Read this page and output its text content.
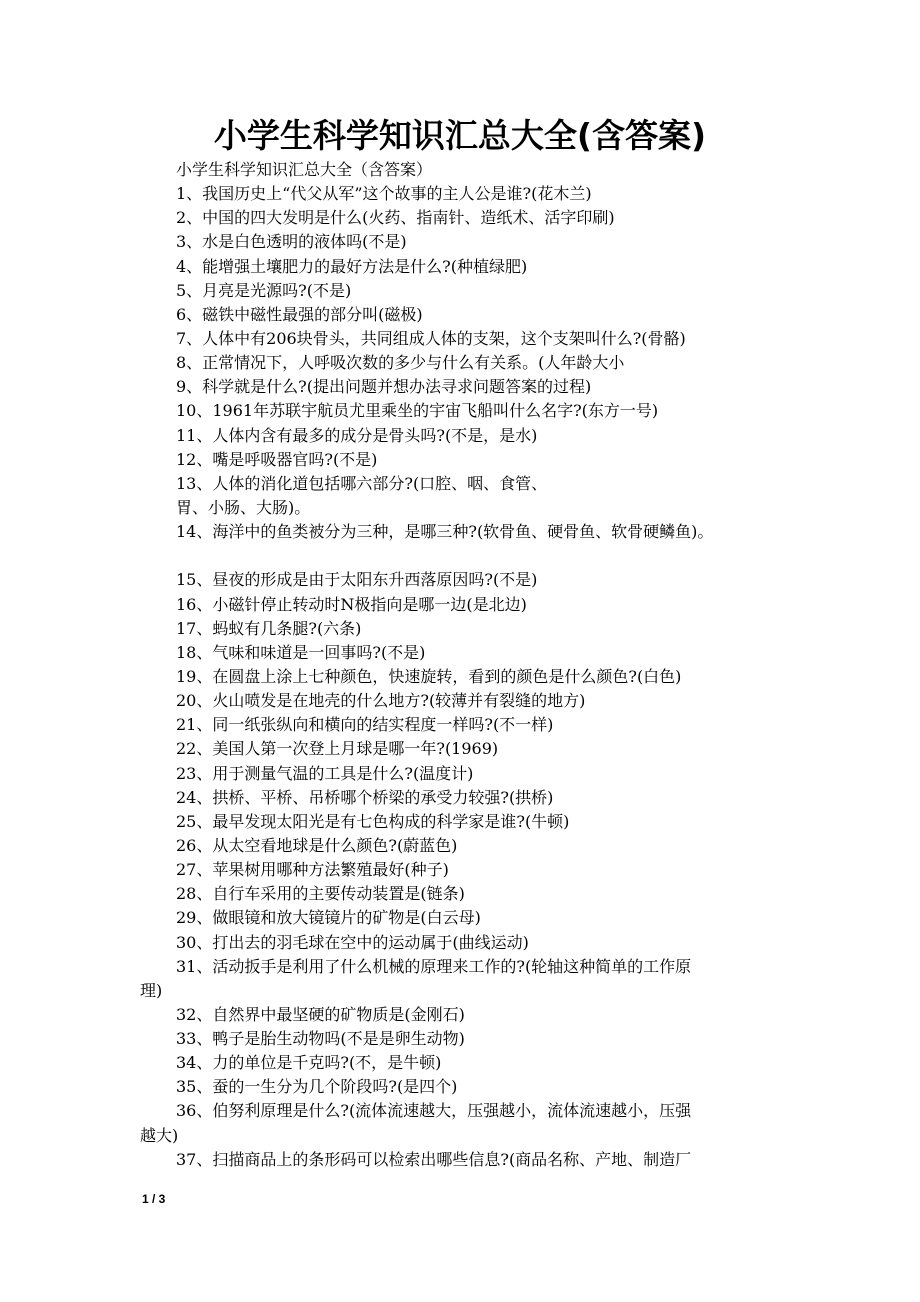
小学生科学知识汇总大全(含答案)
小学生科学知识汇总大全（含答案）
1、我国历史上“代父从军”这个故事的主人公是谁?(花木兰)
2、中国的四大发明是什么(火药、指南针、造纸术、活字印刷)
3、水是白色透明的液体吗(不是)
4、能增强土壤肥力的最好方法是什么?(种植绿肥)
5、月亮是光源吗?(不是)
6、磁铁中磁性最强的部分叫(磁极)
7、人体中有206块骨头，共同组成人体的支架，这个支架叫什么?(骨骼)
8、正常情况下，人呼吸次数的多少与什么有关系。(人年龄大小
9、科学就是什么?(提出问题并想办法寻求问题答案的过程)
10、1961年苏联宇航员尤里乘坐的宇宙飞船叫什么名字?(东方一号)
11、人体内含有最多的成分是骨头吗?(不是，是水)
12、嘴是呼吸器官吗?(不是)
13、人体的消化道包括哪六部分?(口腔、咽、食管、
胃、小肠、大肠)。
14、海洋中的鱼类被分为三种，是哪三种?(软骨鱼、硬骨鱼、软骨硬鳞鱼)。
15、昼夜的形成是由于太阳东升西落原因吗?(不是)
16、小磁针停止转动时N极指向是哪一边(是北边)
17、蚂蚁有几条腿?(六条)
18、气味和味道是一回事吗?(不是)
19、在圆盘上涂上七种颜色，快速旋转，看到的颜色是什么颜色?(白色)
20、火山喷发是在地壳的什么地方?(较薄并有裂缝的地方)
21、同一纸张纵向和横向的结实程度一样吗?(不一样)
22、美国人第一次登上月球是哪一年?(1969)
23、用于测量气温的工具是什么?(温度计)
24、拱桥、平桥、吊桥哪个桥梁的承受力较强?(拱桥)
25、最早发现太阳光是有七色构成的科学家是谁?(牛顿)
26、从太空看地球是什么颜色?(蔚蓝色)
27、苹果树用哪种方法繁殖最好(种子)
28、自行车采用的主要传动装置是(链条)
29、做眼镜和放大镜镜片的矿物是(白云母)
30、打出去的羽毛球在空中的运动属于(曲线运动)
31、活动扳手是利用了什么机械的原理来工作的?(轮轴这种简单的工作原
理)
32、自然界中最坚硬的矿物质是(金刚石)
33、鸭子是胎生动物吗(不是是卵生动物)
34、力的单位是千克吗?(不，是牛顿)
35、蚕的一生分为几个阶段吗?(是四个)
36、伯努利原理是什么?(流体流速越大，压强越小，流体流速越小，压强
越大)
37、扫描商品上的条形码可以检索出哪些信息?(商品名称、产地、制造厂
1 / 3
